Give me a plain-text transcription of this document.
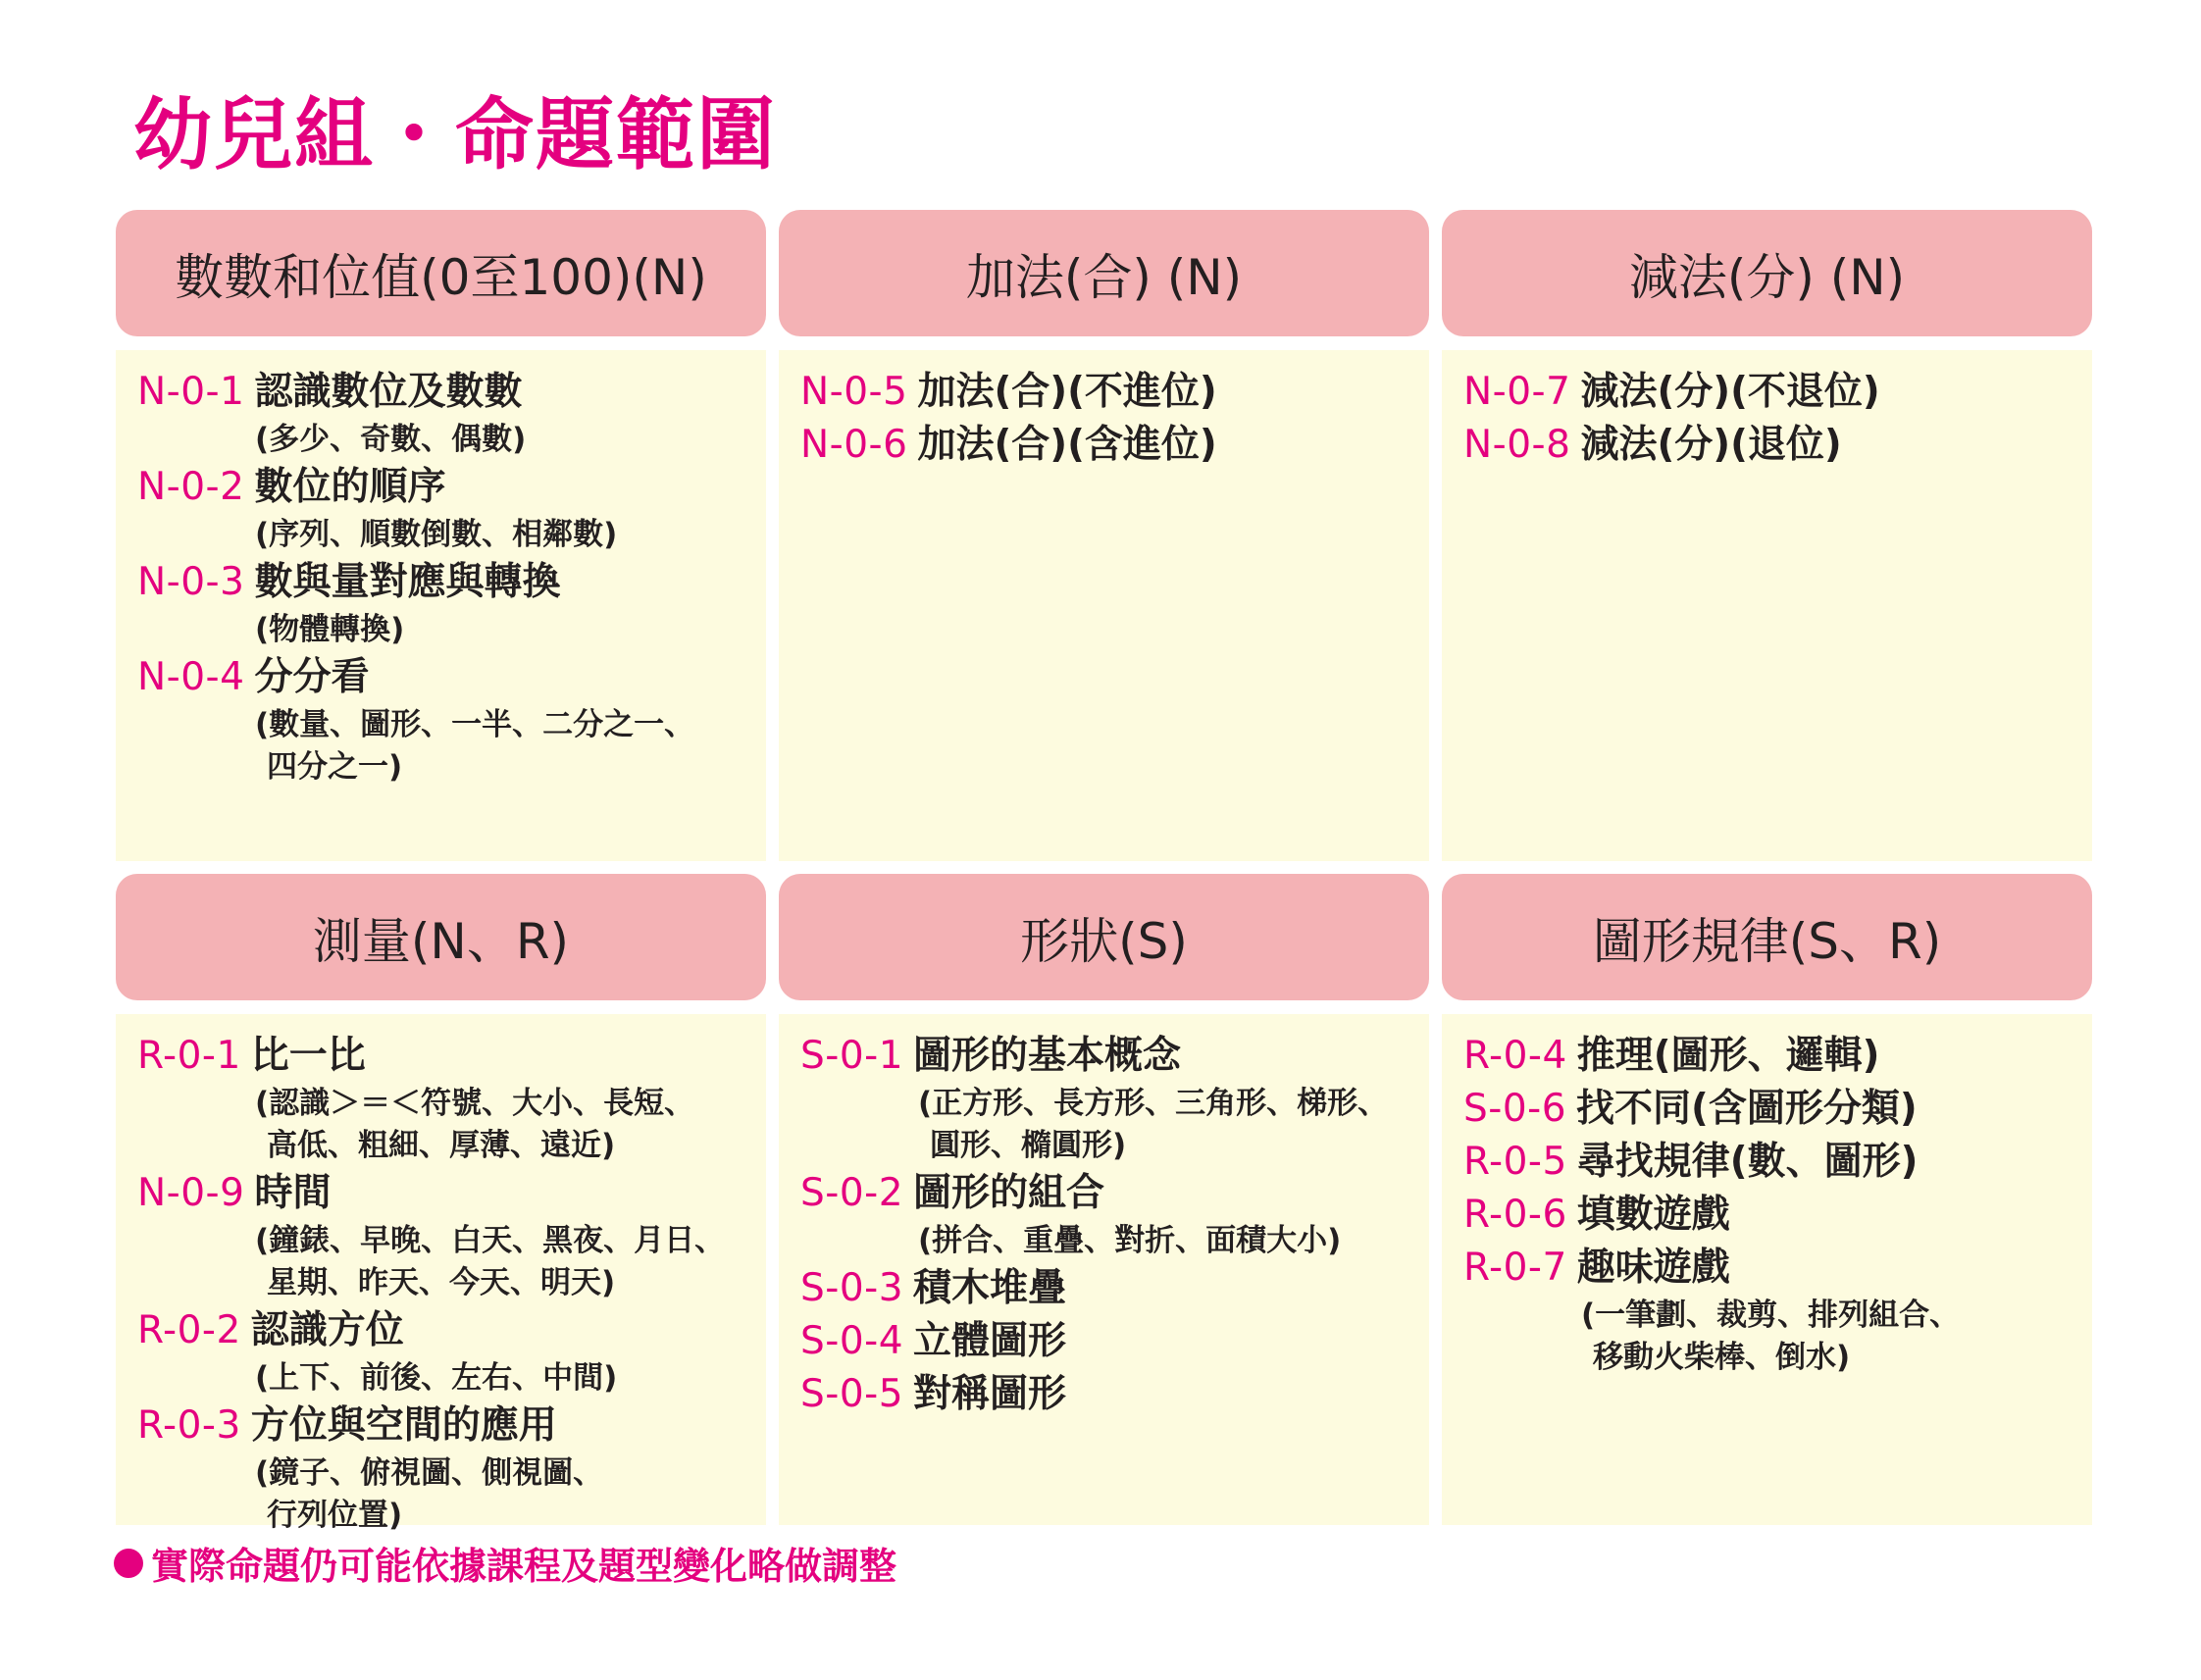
幼兒組・命題範圍
實際命題仍可能依據課程及題型變化略做調整
數數和位值(0至100)(N)
N-0-1 認識數位及數數
(多少、奇數、偶數)
N-0-2 數位的順序
(序列、順數倒數、相鄰數)
N-0-3 數與量對應與轉換
(物體轉換)
N-0-4 分分看
(數量、圖形、一半、二分之一、
四分之一)
加法(合) (N)
N-0-5 加法(合)(不進位)
N-0-6 加法(合)(含進位)
減法(分) (N)
N-0-7 減法(分)(不退位)
N-0-8 減法(分)(退位)
測量(N、R)
R-0-1 比一比
(認識＞＝＜符號、大小、長短、
高低、粗細、厚薄、遠近)
N-0-9 時間
(鐘錶、早晚、白天、黑夜、月日、
星期、昨天、今天、明天)
R-0-2 認識方位
(上下、前後、左右、中間)
R-0-3 方位與空間的應用
(鏡子、俯視圖、側視圖、
行列位置)
形狀(S)
S-0-1 圖形的基本概念
(正方形、長方形、三角形、梯形、
圓形、橢圓形)
S-0-2 圖形的組合
(拼合、重疊、對折、面積大小)
S-0-3 積木堆疊
S-0-4 立體圖形
S-0-5 對稱圖形
圖形規律(S、R)
R-0-4 推理(圖形、邏輯)
S-0-6 找不同(含圖形分類)
R-0-5 尋找規律(數、圖形)
R-0-6 填數遊戲
R-0-7 趣味遊戲
(一筆劃、裁剪、排列組合、
移動火柴棒、倒水)
